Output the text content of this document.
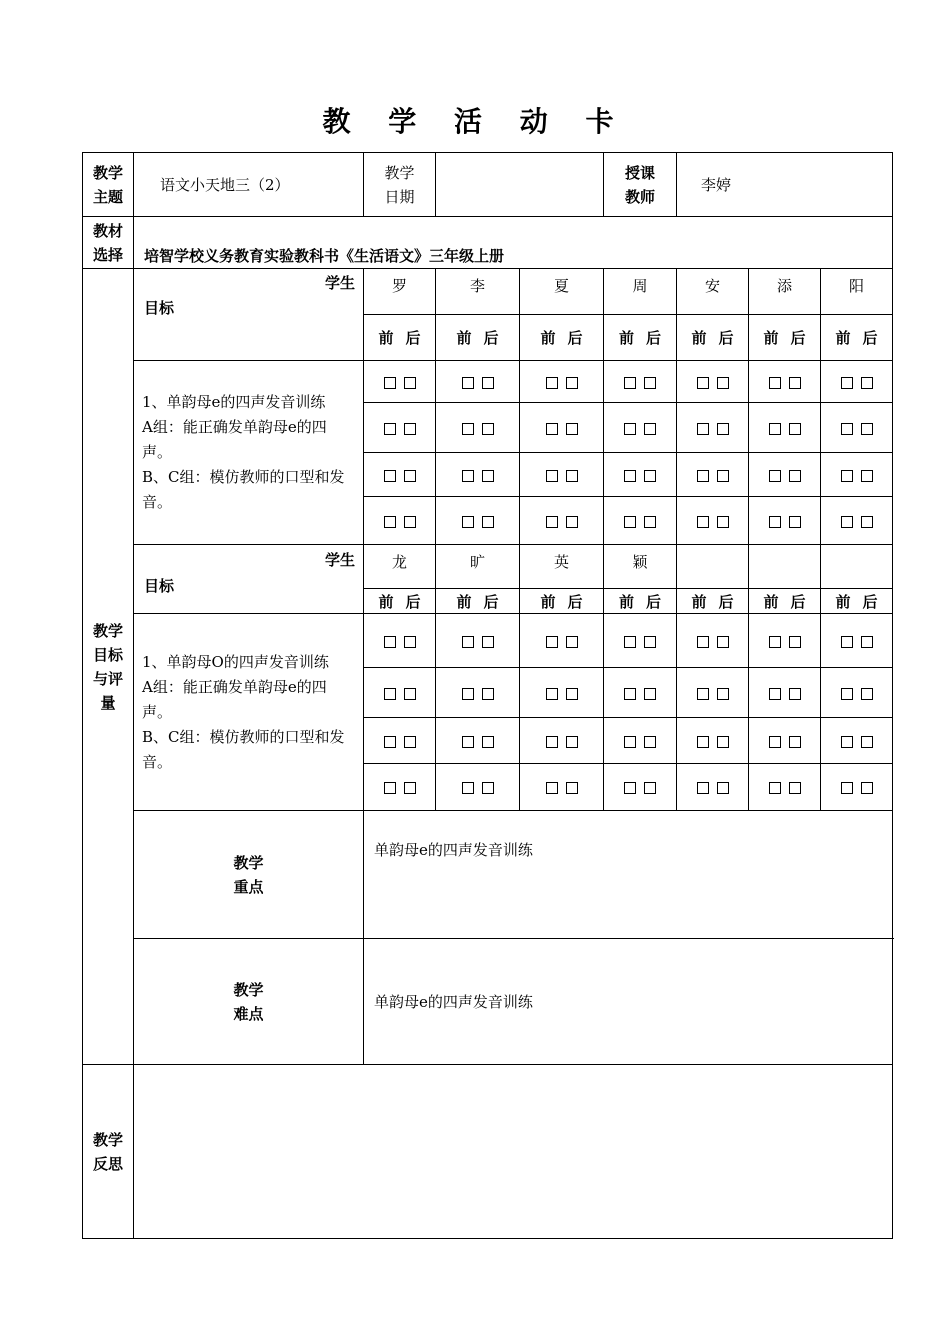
教 学 活 动 卡
教学
主题	语文小天地三（2）	教学
日期			授课
教师	李婷		
教材
选择	培智学校义务教育实验教科书《生活语文》三年级上册							
教学
目标
与评
量	学生
目标	罗	李	夏	周	安	添	阳
		前 后	前 后	前 后	前 后	前 后	前 后	前 后
	1、单韵母e的四声发音训练
A组：能正确发单韵母e的四声。
B、C组：模仿教师的口型和发音。							

	学生
目标	龙	旷	英	颖			
		前 后	前 后	前 后	前 后	前 后	前 后	前 后
	1、单韵母O的四声发音训练
A组：能正确发单韵母e的四声。
B、C组：模仿教师的口型和发音。							

	教学
重点	单韵母e的四声发音训练						
	教学
难点	单韵母e的四声发音训练						
教学
反思								
